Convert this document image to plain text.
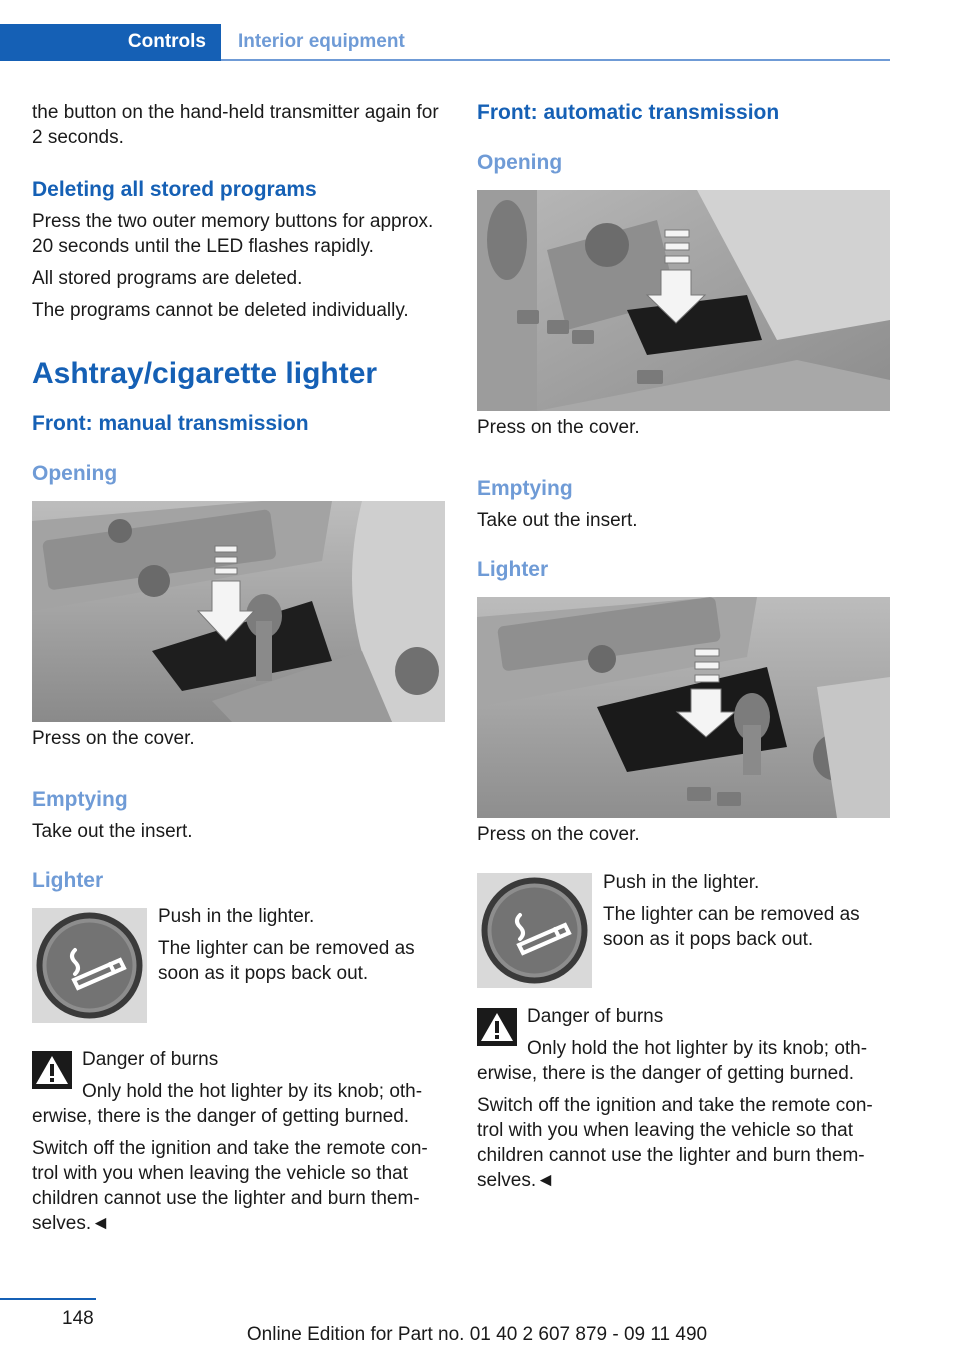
Controls Interior equipment

the button on the hand-held transmitter again for 2 seconds.

Deleting all stored programs

Press the two outer memory buttons for approx. 20 seconds until the LED flashes rapidly.

All stored programs are deleted.

The programs cannot be deleted individually.

Ashtray/cigarette lighter
Front: manual transmission
Opening

Press on the cover.

Emptying

Take out the insert.

Lighter

Push in the lighter.

The lighter can be removed as soon as it pops back out.

Danger of burns

Only hold the hot lighter by its knob; oth-erwise, there is the danger of getting burned.

Switch off the ignition and take the remote con-trol with you when leaving the vehicle so that children cannot use the lighter and burn them-selves.◄

Front: automatic transmission
Opening

Press on the cover.

Emptying

Take out the insert.

Lighter

Press on the cover.

Push in the lighter.

The lighter can be removed as soon as it pops back out.

Danger of burns

Only hold the hot lighter by its knob; oth-erwise, there is the danger of getting burned.

Switch off the ignition and take the remote con-trol with you when leaving the vehicle so that children cannot use the lighter and burn them-selves.◄

148
Online Edition for Part no. 01 40 2 607 879 - 09 11 490
